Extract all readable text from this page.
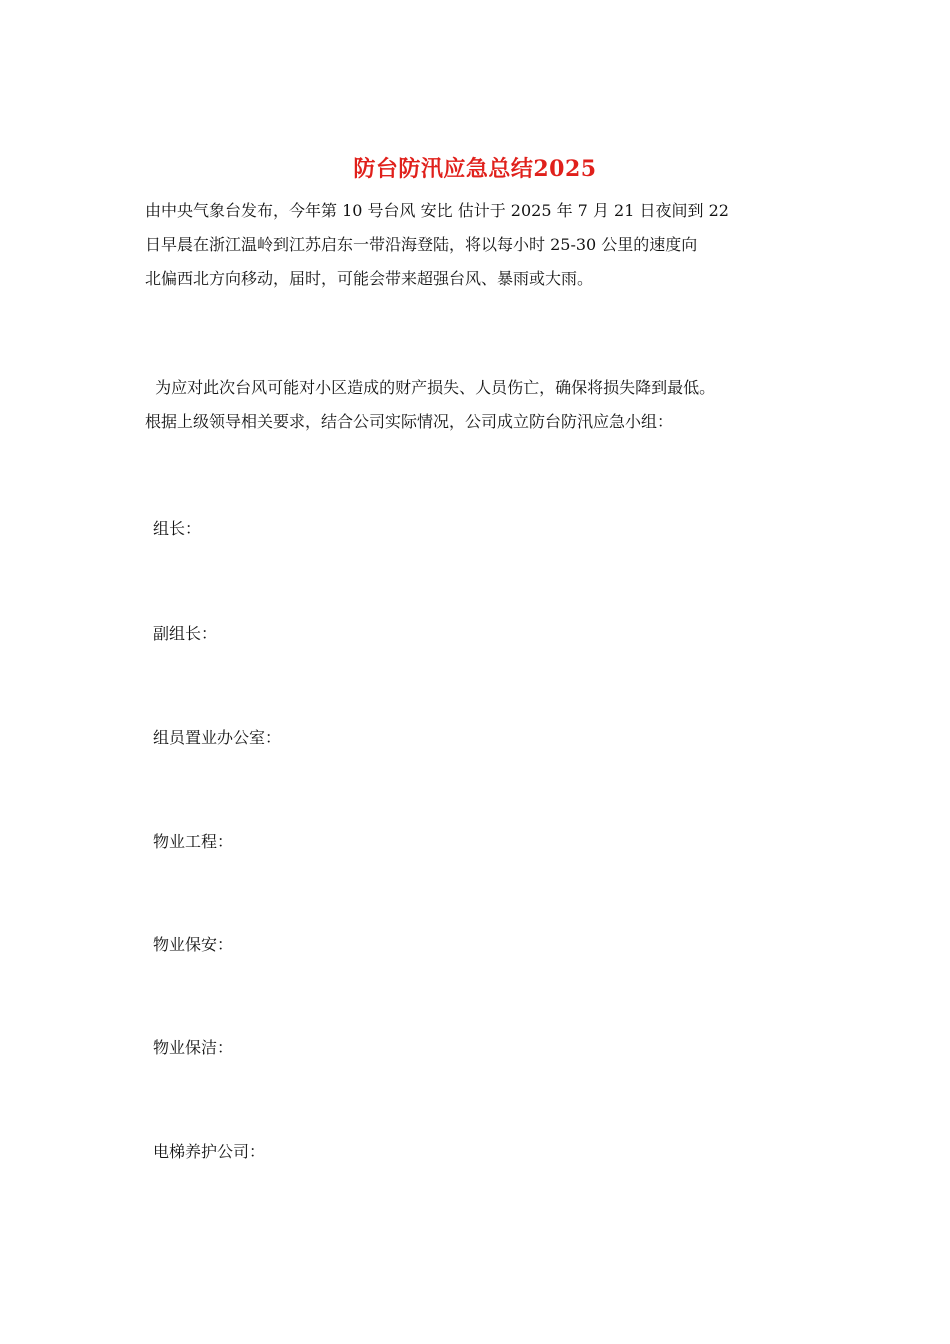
防台防汛应急总结2025

由中央气象台发布，今年第 10 号台风 安比 估计于 2025 年 7 月 21 日夜间到 22
日早晨在浙江温岭到江苏启东一带沿海登陆，将以每小时 25-30 公里的速度向
北偏西北方向移动，届时，可能会带来超强台风、暴雨或大雨。

为应对此次台风可能对小区造成的财产损失、人员伤亡，确保将损失降到最低。
根据上级领导相关要求，结合公司实际情况，公司成立防台防汛应急小组：

组长：
副组长：
组员置业办公室：
物业工程：
物业保安：
物业保洁：
电梯养护公司：
